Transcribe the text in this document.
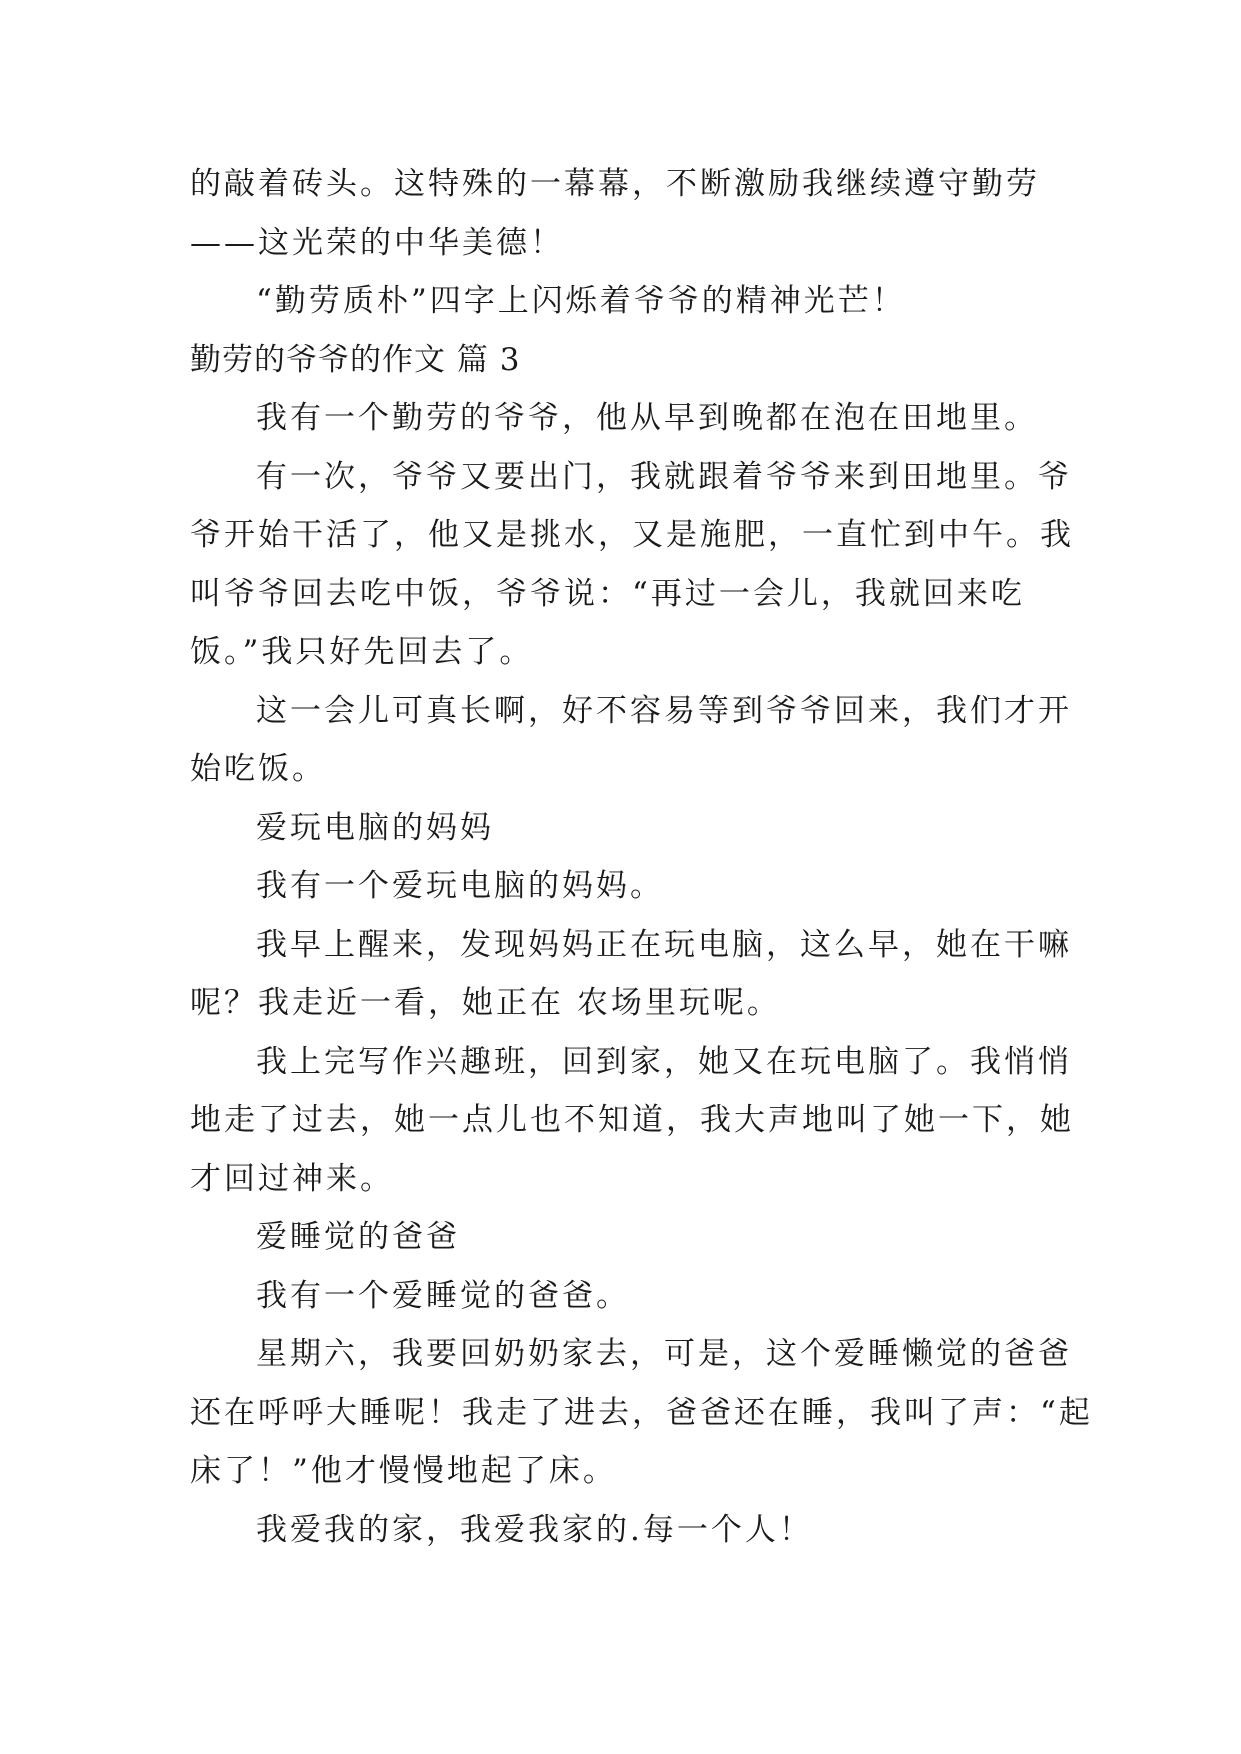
的敲着砖头。这特殊的一幕幕，不断激励我继续遵守勤劳
——这光荣的中华美德！
“勤劳质朴”四字上闪烁着爷爷的精神光芒！
勤劳的爷爷的作文 篇 3
我有一个勤劳的爷爷，他从早到晚都在泡在田地里。
有一次，爷爷又要出门，我就跟着爷爷来到田地里。爷
爷开始干活了，他又是挑水，又是施肥，一直忙到中午。我
叫爷爷回去吃中饭，爷爷说：“再过一会儿，我就回来吃
饭。”我只好先回去了。
这一会儿可真长啊，好不容易等到爷爷回来，我们才开
始吃饭。
爱玩电脑的妈妈
我有一个爱玩电脑的妈妈。
我早上醒来，发现妈妈正在玩电脑，这么早，她在干嘛
呢？我走近一看，她正在 农场里玩呢。
我上完写作兴趣班，回到家，她又在玩电脑了。我悄悄
地走了过去，她一点儿也不知道，我大声地叫了她一下，她
才回过神来。
爱睡觉的爸爸
我有一个爱睡觉的爸爸。
星期六，我要回奶奶家去，可是，这个爱睡懒觉的爸爸
还在呼呼大睡呢！我走了进去，爸爸还在睡，我叫了声：“起
床了！”他才慢慢地起了床。
我爱我的家，我爱我家的.每一个人！
